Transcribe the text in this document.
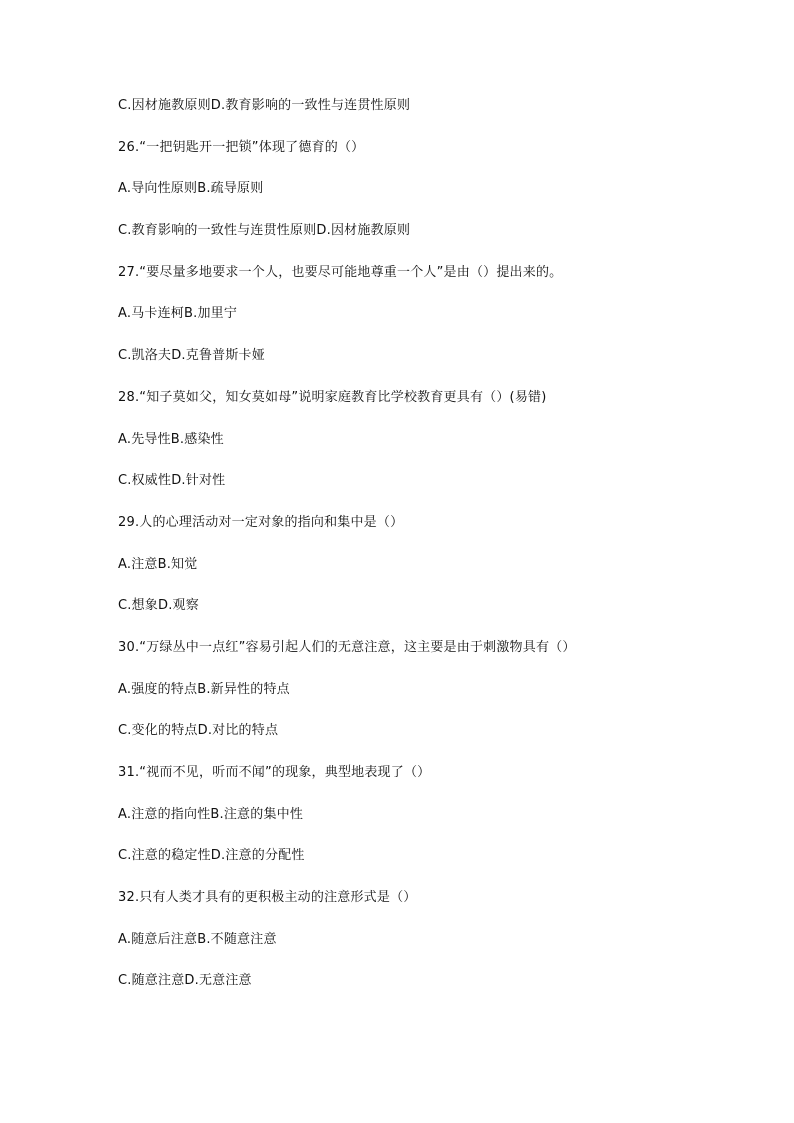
C.因材施教原则D.教育影响的一致性与连贯性原则
26.“一把钥匙开一把锁”体现了德育的（）
A.导向性原则B.疏导原则
C.教育影响的一致性与连贯性原则D.因材施教原则
27.“要尽量多地要求一个人，也要尽可能地尊重一个人”是由（）提出来的。
A.马卡连柯B.加里宁
C.凯洛夫D.克鲁普斯卡娅
28.“知子莫如父，知女莫如母”说明家庭教育比学校教育更具有（）(易错)
A.先导性B.感染性
C.权威性D.针对性
29.人的心理活动对一定对象的指向和集中是（）
A.注意B.知觉
C.想象D.观察
30.“万绿丛中一点红”容易引起人们的无意注意，这主要是由于刺激物具有（）
A.强度的特点B.新异性的特点
C.变化的特点D.对比的特点
31.“视而不见，听而不闻”的现象，典型地表现了（）
A.注意的指向性B.注意的集中性
C.注意的稳定性D.注意的分配性
32.只有人类才具有的更积极主动的注意形式是（）
A.随意后注意B.不随意注意
C.随意注意D.无意注意
